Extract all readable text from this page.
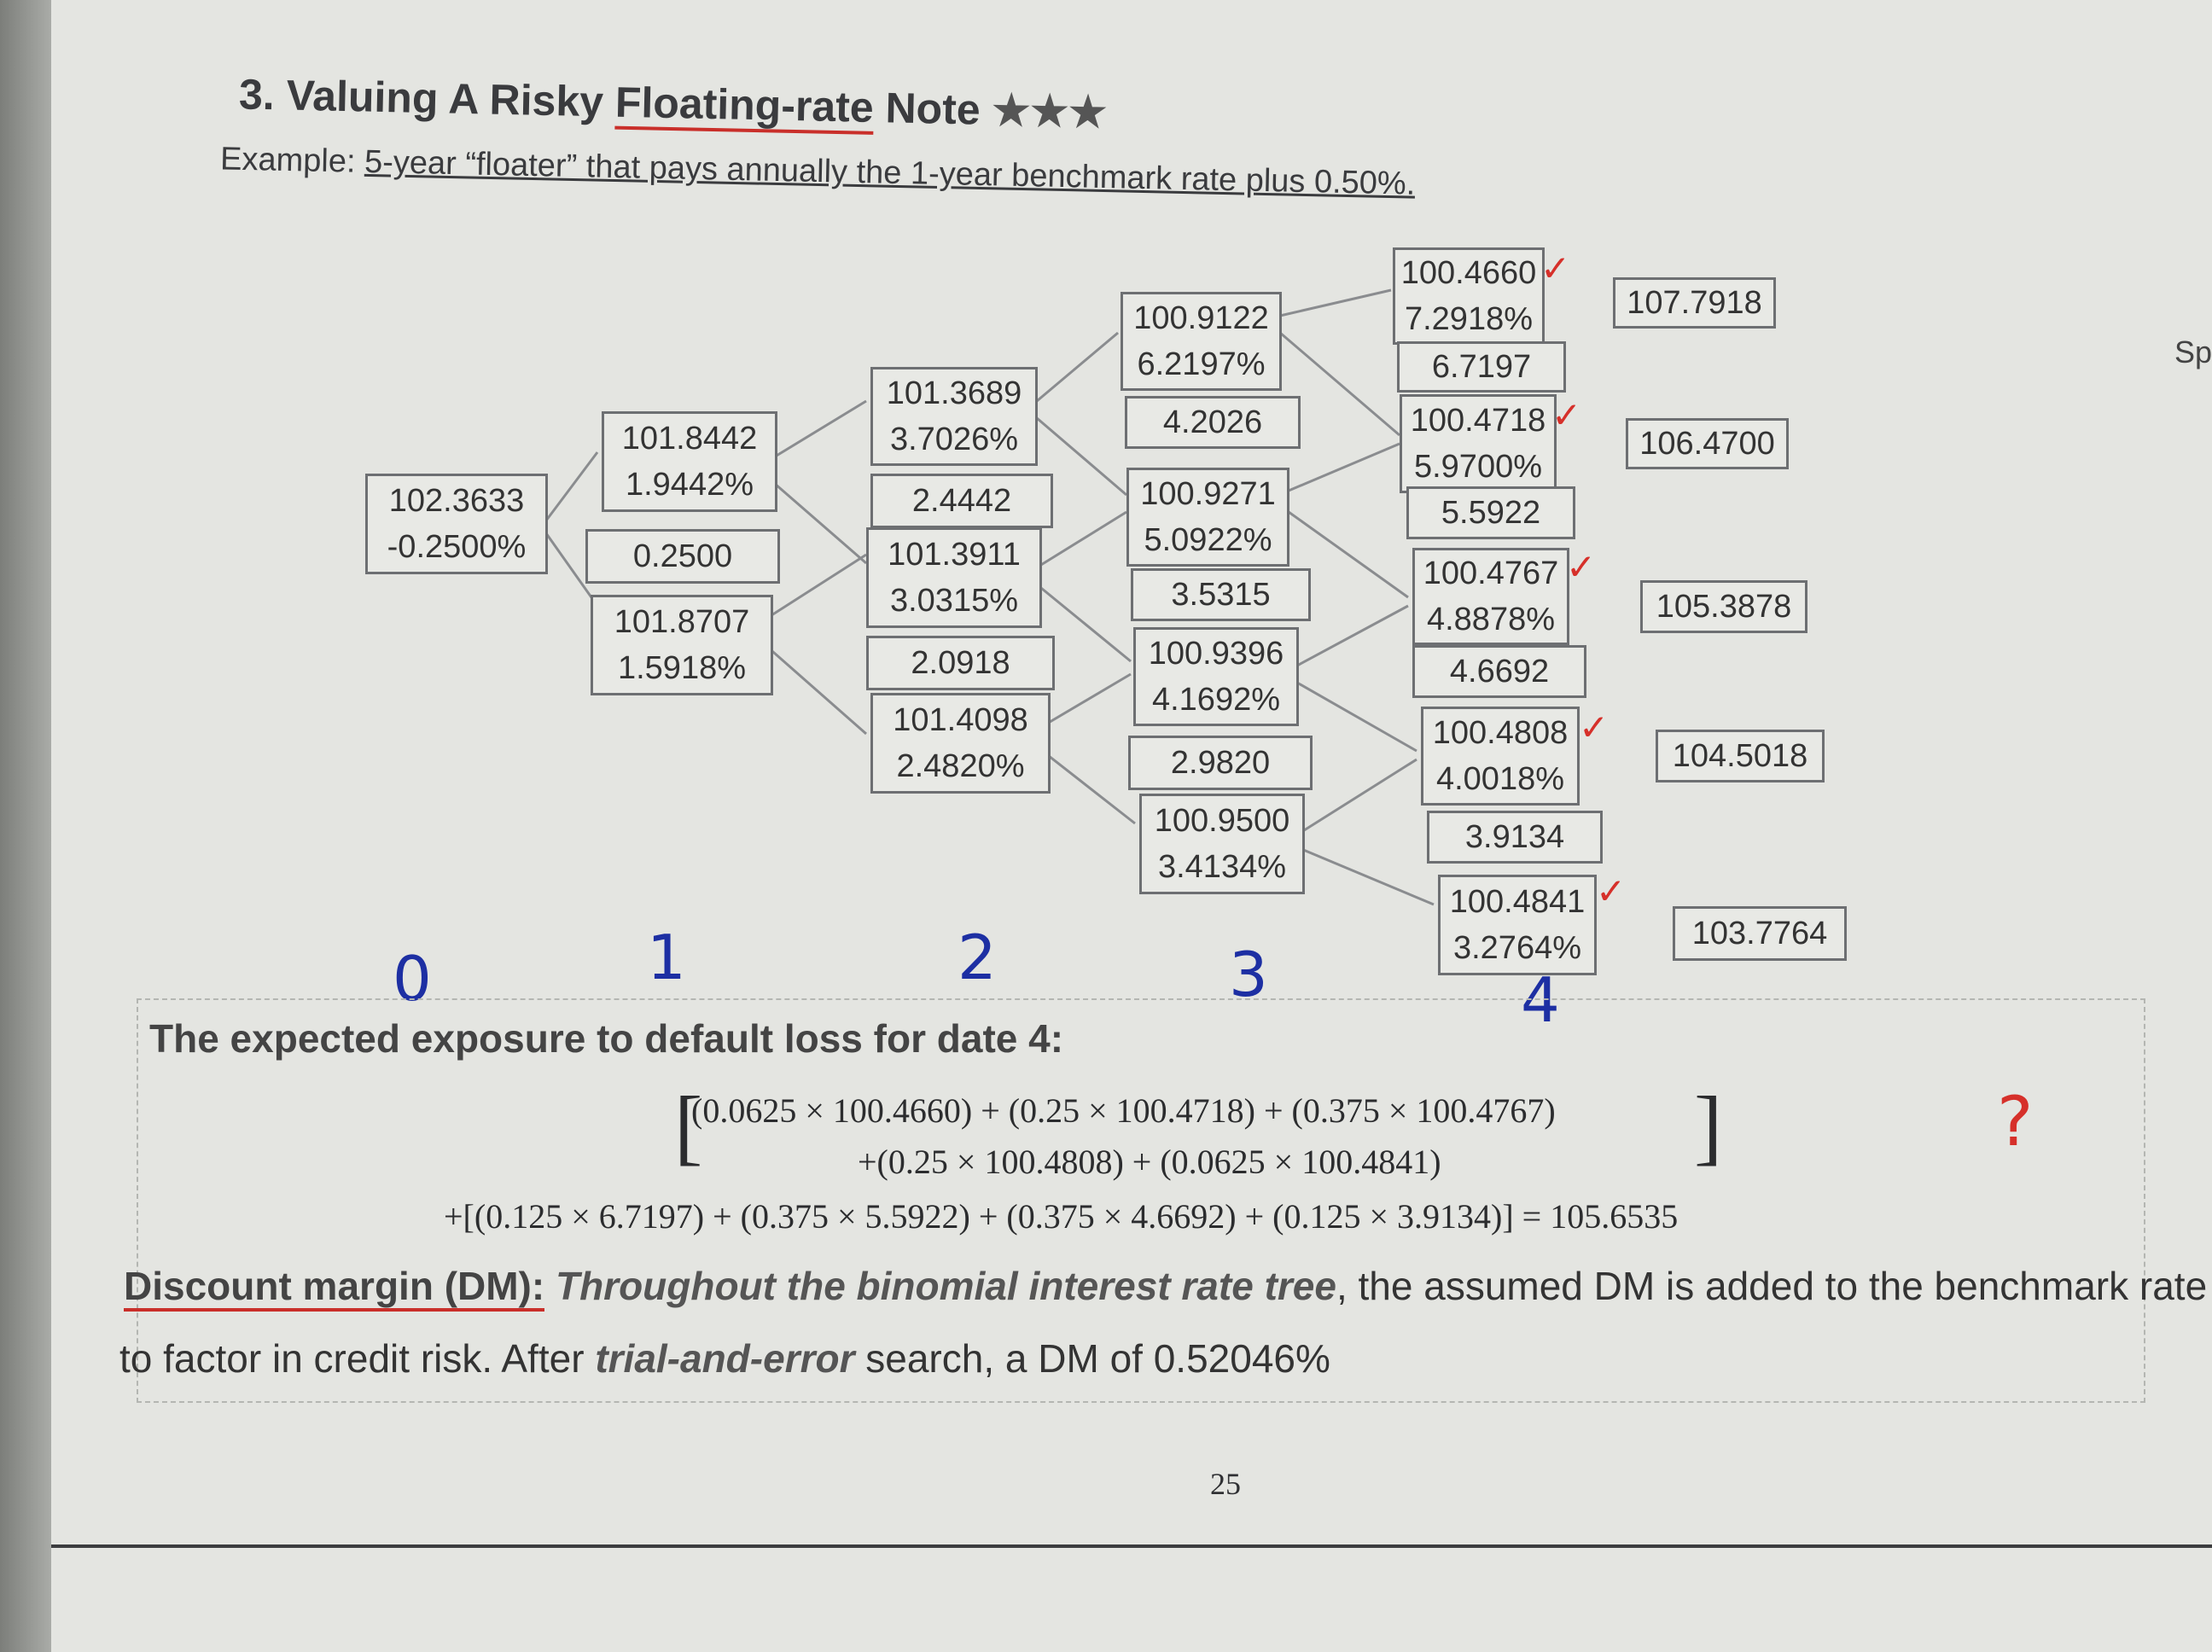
3. Valuing A Risky Floating-rate Note ★★★
Example: 5-year “floater” that pays annually the 1-year benchmark rate plus 0.50%.
102.3633
-0.2500%
101.8442
1.9442%
0.2500
101.8707
1.5918%
101.3689
3.7026%
2.4442
101.3911
3.0315%
2.0918
101.4098
2.4820%
100.9122
6.2197%
4.2026
100.9271
5.0922%
3.5315
100.9396
4.1692%
2.9820
100.9500
3.4134%
100.4660
7.2918%
✓
6.7197
100.4718
5.9700%
✓
5.5922
100.4767
4.8878%
✓
4.6692
100.4808
4.0018%
✓
3.9134
100.4841
3.2764%
✓
107.7918
106.4700
105.3878
104.5018
103.7764
0	1	2	3	4
The expected exposure to default loss for date 4:
[
(0.0625 × 100.4660) + (0.25 × 100.4718) + (0.375 × 100.4767)
+(0.25 × 100.4808) + (0.0625 × 100.4841)	]
+[(0.125 × 6.7197) + (0.375 × 5.5922) + (0.375 × 4.6692) + (0.125 × 3.9134)] = 105.6535
?
Discount margin (DM): Throughout the binomial interest rate tree, the assumed DM is added to the benchmark rate
to factor in credit risk. After trial-and-error search, a DM of 0.52046%
25
Sp
